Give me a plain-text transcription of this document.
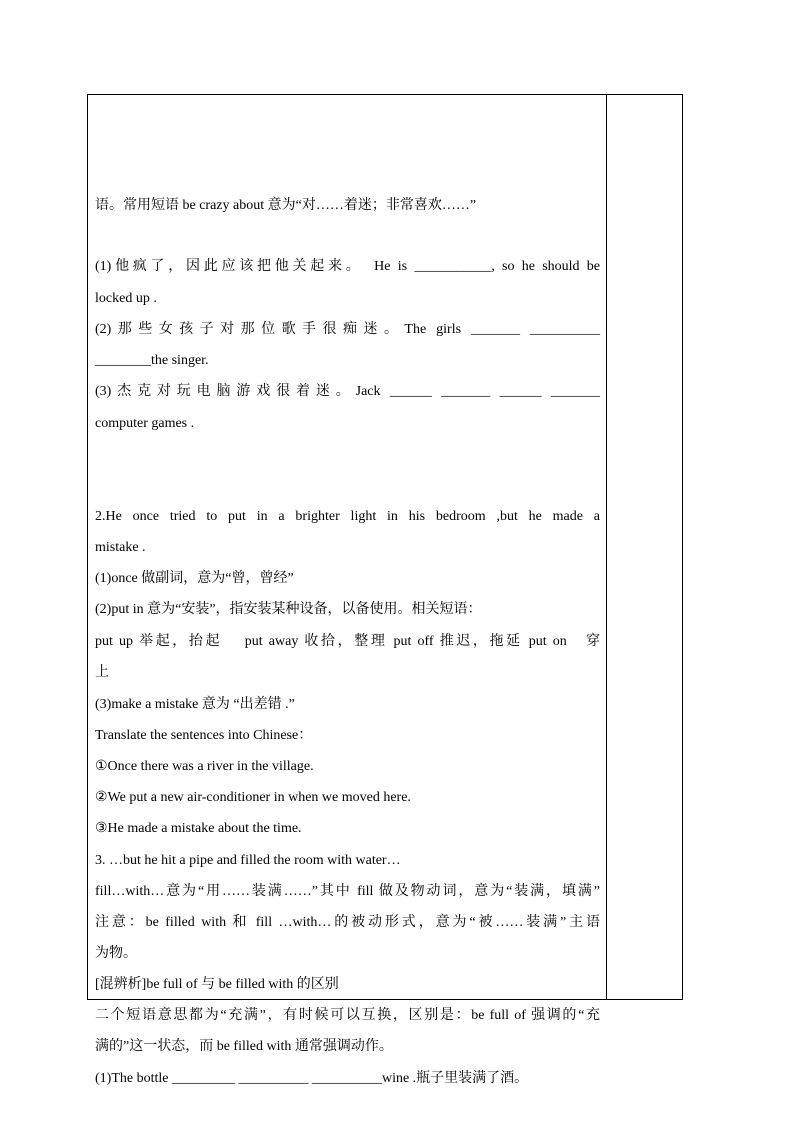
语。常用短语 be crazy about 意为“对……着迷；非常喜欢……”
(1)他疯了，因此应该把他关起来。　He is ___________, so he should be
locked up .
(2)那些女孩子对那位歌手很痴迷。The girls _______ __________
________the singer.
(3)杰克对玩电脑游戏很着迷。Jack ______ _______ ______ _______
computer games .
2.He once tried to put in a brighter light in his bedroom ,but he made a
mistake .
(1)once 做副词，意为“曾，曾经”
(2)put in 意为“安装”，指安装某种设备，以备使用。相关短语：
put up 举起，抬起　 put away 收拾，整理 put off 推迟，拖延 put on　穿
上
(3)make a mistake 意为 “出差错 .”
Translate the sentences into Chinese：
①Once there was a river in the village.
②We put a new air-conditioner in when we moved here.
③He made a mistake about the time.
3. …but he hit a pipe and filled the room with water…
fill…with…意为“用……装满……”其中 fill 做及物动词，意为“装满，填满”
注意：be filled with 和 fill …with…的被动形式，意为“被……装满”主语
为物。
[混辨析]be full of 与 be filled with 的区别
二个短语意思都为“充满”，有时候可以互换，区别是：be full of 强调的“充
满的”这一状态，而 be filled with 通常强调动作。
(1)The bottle _________ __________ __________wine .瓶子里装满了酒。
